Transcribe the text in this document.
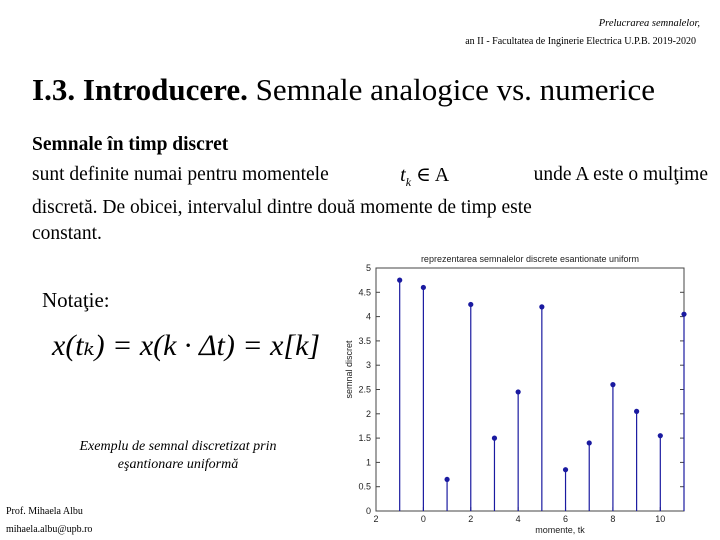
Prelucrarea semnalelor,
an II - Facultatea de Inginerie Electrica U.P.B. 2019-2020
I.3. Introducere. Semnale analogice vs. numerice
Semnale în timp discret
sunt definite numai pentru momentele	$t_k$ ∈ A	unde A este o mulţime
discretă. De obicei, intervalul dintre două momente de timp este
constant.
Notaţie:
x(tₖ) = x(k · Δt) = x[k]
Exemplu de semnal discretizat prin eşantionare uniformă
Prof. Mihaela Albu
mihaela.albu@upb.ro
reprezentarea semnalelor discrete esantionate uniform
0
0.5
1
1.5
2
2.5
3
3.5
4
4.5
5
2	0	2	4	6	8	10
momente, tk
semnal discret
